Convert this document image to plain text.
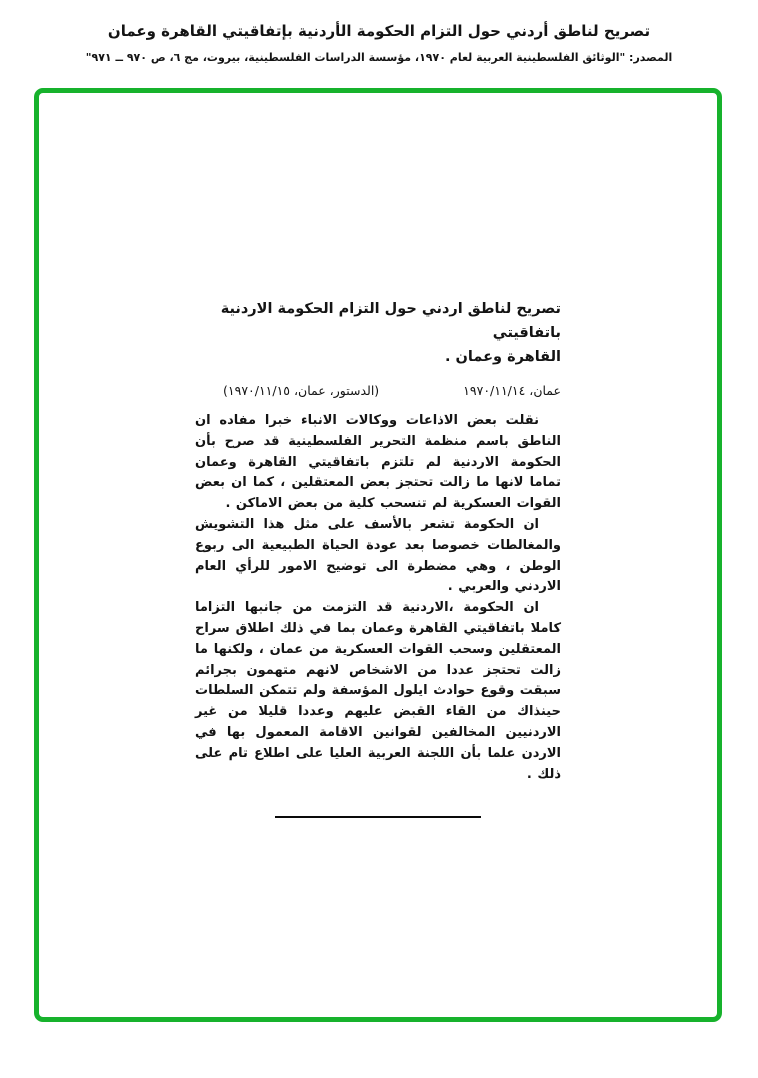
تصريح لناطق أردني حول التزام الحكومة الأردنية بإتفاقيتي القاهرة وعمان
المصدر: "الوثائق الفلسطينية العربية لعام ١٩٧٠، مؤسسة الدراسات الفلسطينية، بيروت، مج ٦، ص ٩٧٠ ــ ٩٧١"
تصريح لناطق اردني حول التزام الحكومة الاردنية باتفاقيتي
القاهرة وعمان .
عمان، ١٩٧٠/١١/١٤
(الدستور، عمان، ١٩٧٠/١١/١٥)

نقلت بعض الاذاعات ووكالات الانباء خبرا مفاده ان الناطق باسم منظمة التحرير الفلسطينية قد صرح بأن الحكومة الاردنية لم تلتزم باتفاقيتي القاهرة وعمان تماما لانها ما زالت تحتجز بعض المعتقلين ، كما ان بعض القوات العسكرية لم تنسحب كلية من بعض الاماكن .

ان الحكومة تشعر بالأسف على مثل هذا التشويش والمغالطات خصوصا بعد عودة الحياة الطبيعية الى ربوع الوطن ، وهي مضطرة الى توضيح الامور للرأي العام الاردني والعربي .

ان الحكومة ،الاردنية قد التزمت من جانبها التزاما كاملا باتفاقيتي القاهرة وعمان بما في ذلك اطلاق سراح المعتقلين وسحب القوات العسكرية من عمان ، ولكنها ما زالت تحتجز عددا من الاشخاص لانهم متهمون بجرائم سبقت وقوع حوادث ايلول المؤسفة ولم تتمكن السلطات حينذاك من القاء القبض عليهم وعددا قليلا من غير الاردنيين المخالفين لقوانين الاقامة المعمول بها في الاردن علما بأن اللجنة العربية العليا على اطلاع تام على ذلك .
